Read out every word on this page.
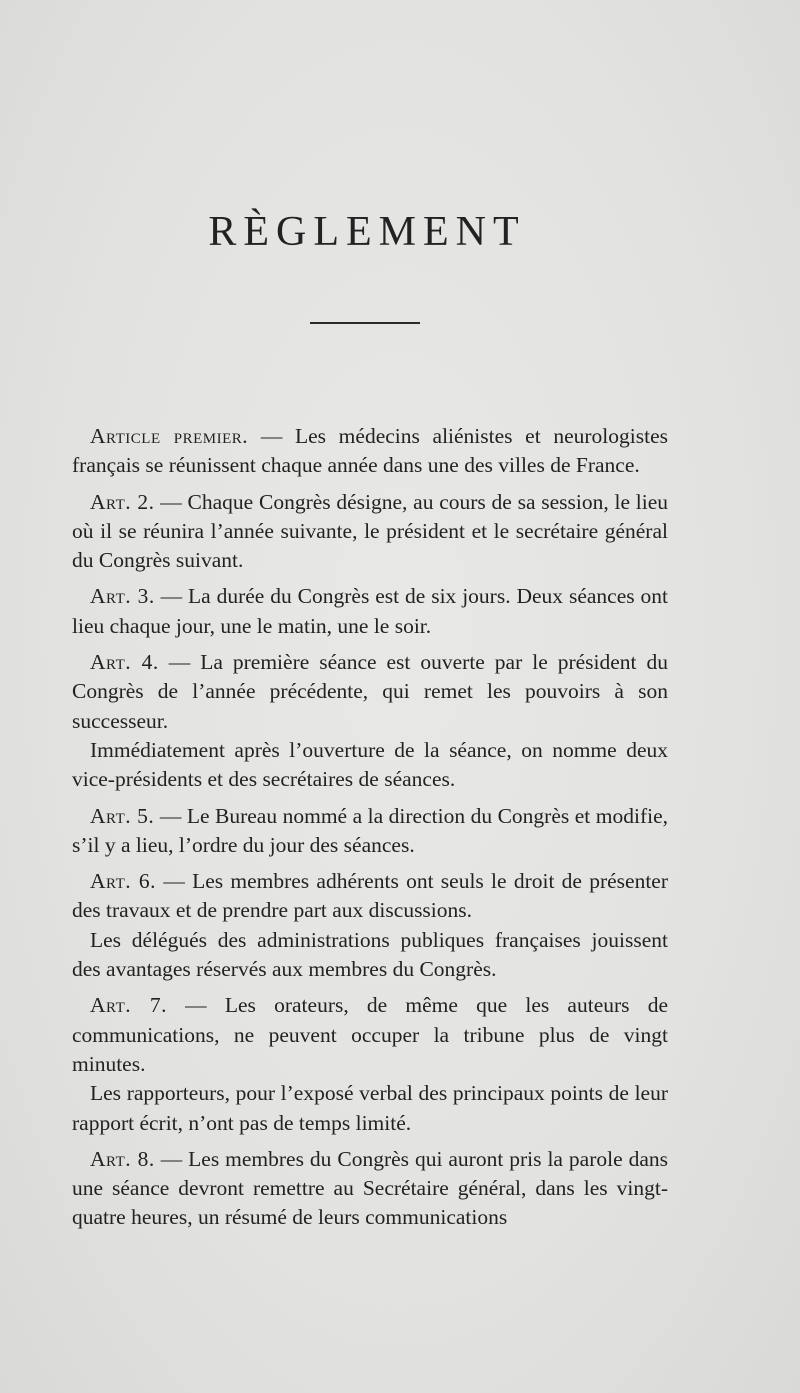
RÈGLEMENT

Article premier. — Les médecins aliénistes et neurologistes français se réunissent chaque année dans une des villes de France.

Art. 2. — Chaque Congrès désigne, au cours de sa session, le lieu où il se réunira l’année suivante, le président et le secrétaire général du Congrès suivant.

Art. 3. — La durée du Congrès est de six jours. Deux séances ont lieu chaque jour, une le matin, une le soir.

Art. 4. — La première séance est ouverte par le président du Congrès de l’année précédente, qui remet les pouvoirs à son successeur.

Immédiatement après l’ouverture de la séance, on nomme deux vice-présidents et des secrétaires de séances.

Art. 5. — Le Bureau nommé a la direction du Congrès et modifie, s’il y a lieu, l’ordre du jour des séances.

Art. 6. — Les membres adhérents ont seuls le droit de présenter des travaux et de prendre part aux discussions.

Les délégués des administrations publiques françaises jouissent des avantages réservés aux membres du Congrès.

Art. 7. — Les orateurs, de même que les auteurs de communications, ne peuvent occuper la tribune plus de vingt minutes.

Les rapporteurs, pour l’exposé verbal des principaux points de leur rapport écrit, n’ont pas de temps limité.

Art. 8. — Les membres du Congrès qui auront pris la parole dans une séance devront remettre au Secrétaire général, dans les vingt-quatre heures, un résumé de leurs communications
